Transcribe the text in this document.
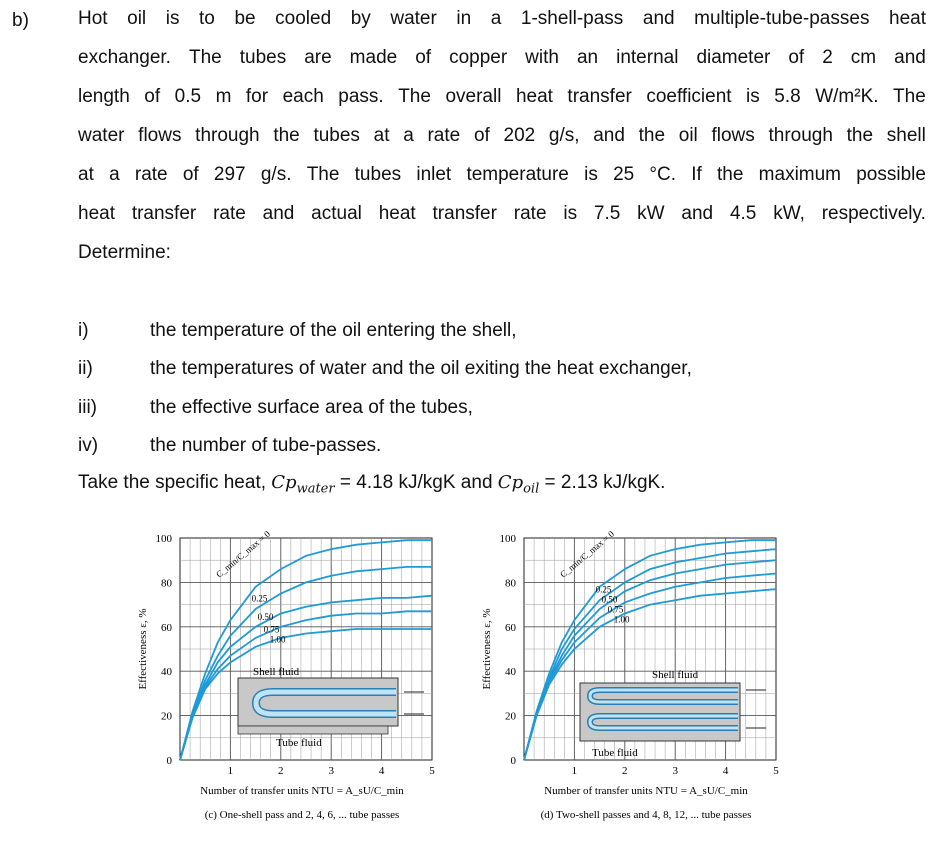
b)	Hot oil is to be cooled by water in a 1-shell-pass and multiple-tube-passes heat
exchanger. The tubes are made of copper with an internal diameter of 2 cm and
length of 0.5 m for each pass. The overall heat transfer coefficient is 5.8 W/m²K. The
water flows through the tubes at a rate of 202 g/s, and the oil flows through the shell
at a rate of 297 g/s. The tubes inlet temperature is 25 °C. If the maximum possible
heat transfer rate and actual heat transfer rate is 7.5 kW and 4.5 kW, respectively.
Determine:
i)	the temperature of the oil entering the shell,
ii)	the temperatures of water and the oil exiting the heat exchanger,
iii)	the effective surface area of the tubes,
iv)	the number of tube-passes.
Take the specific heat, $Cp_{water} = 4.18$ kJ/kgK and $Cp_{oil} = 2.13$ kJ/kgK.
0
20
40
60
80
100
1	2	3	4	5
Effectiveness ε, %
Number of transfer units NTU = A_sU/C_min
(c) One-shell pass and 2, 4, 6, ... tube passes
Shell fluid
Tube fluid
0.25
0.50
0.75
1.00
C_min/C_max = 0
0
20
40
60
80
100
1	2	3	4	5
Effectiveness ε, %
Number of transfer units NTU = A_sU/C_min
(d) Two-shell passes and 4, 8, 12, ... tube passes
Shell fluid
Tube fluid
0.25
0.50
0.75
1.00
C_min/C_max = 0
